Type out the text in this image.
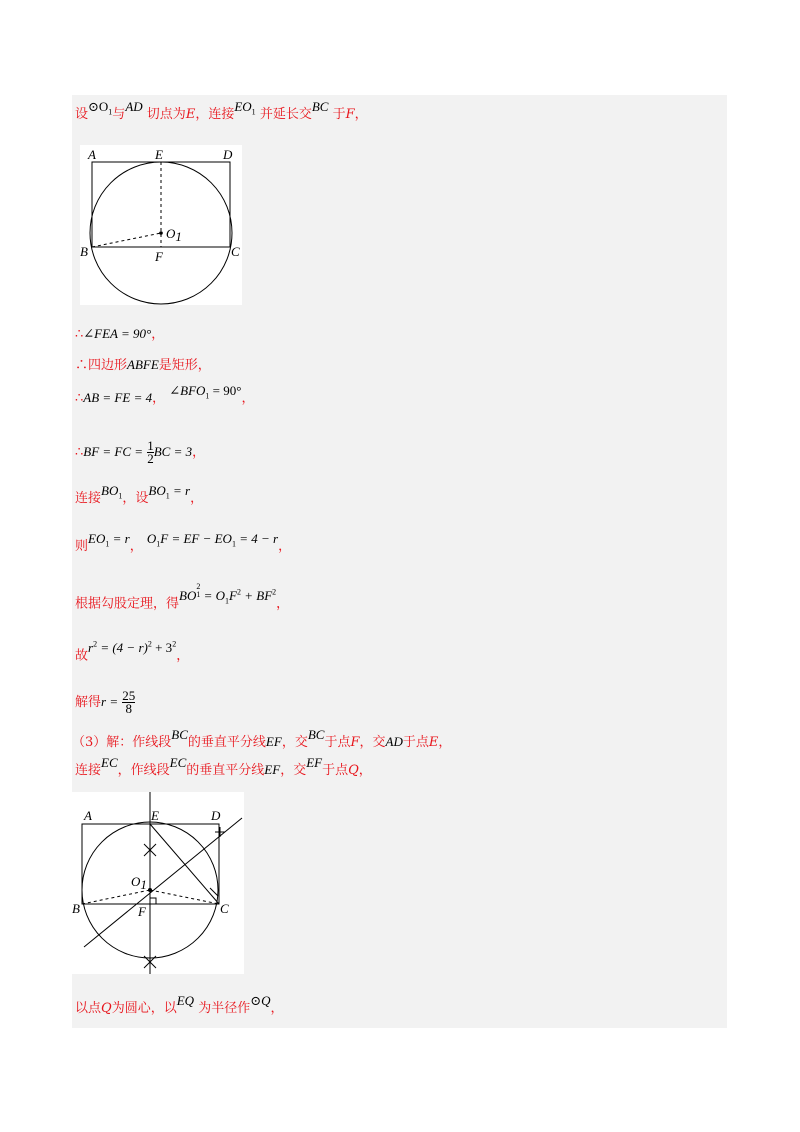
设$⊙O_1$与AD 切点为E，连接$EO_1$ 并延长交BC 于F，
A	E	D
O1
B	F	C
∴∠FEA = 90°，
∴四边形ABFE是矩形，
∴AB = FE = 4， $\angle BFO_1 = 90^\circ$，
∴BF = FC = $\frac{1}{2}$ BC = 3，
连接$BO_1$，设$BO_1 = r$，
则$EO_1 = r$， $O_1F$ = EF − $EO_1 = 4 - r$，
根据勾股定理，得BO
2
$1 = O_1F^2 + BF^2$，
故$r^2 = (4 - r)^2 + 3^2$，
解得$r = \frac{25}{8}$
（3）解：作线段BC的垂直平分线EF，交BC于点F，交AD于点E，
连接EC，作线段EC的垂直平分线EF，交EF于点Q，
A	E	D
O1
B	F	C
以点Q为圆心，以EQ 为半径作⊙Q，
